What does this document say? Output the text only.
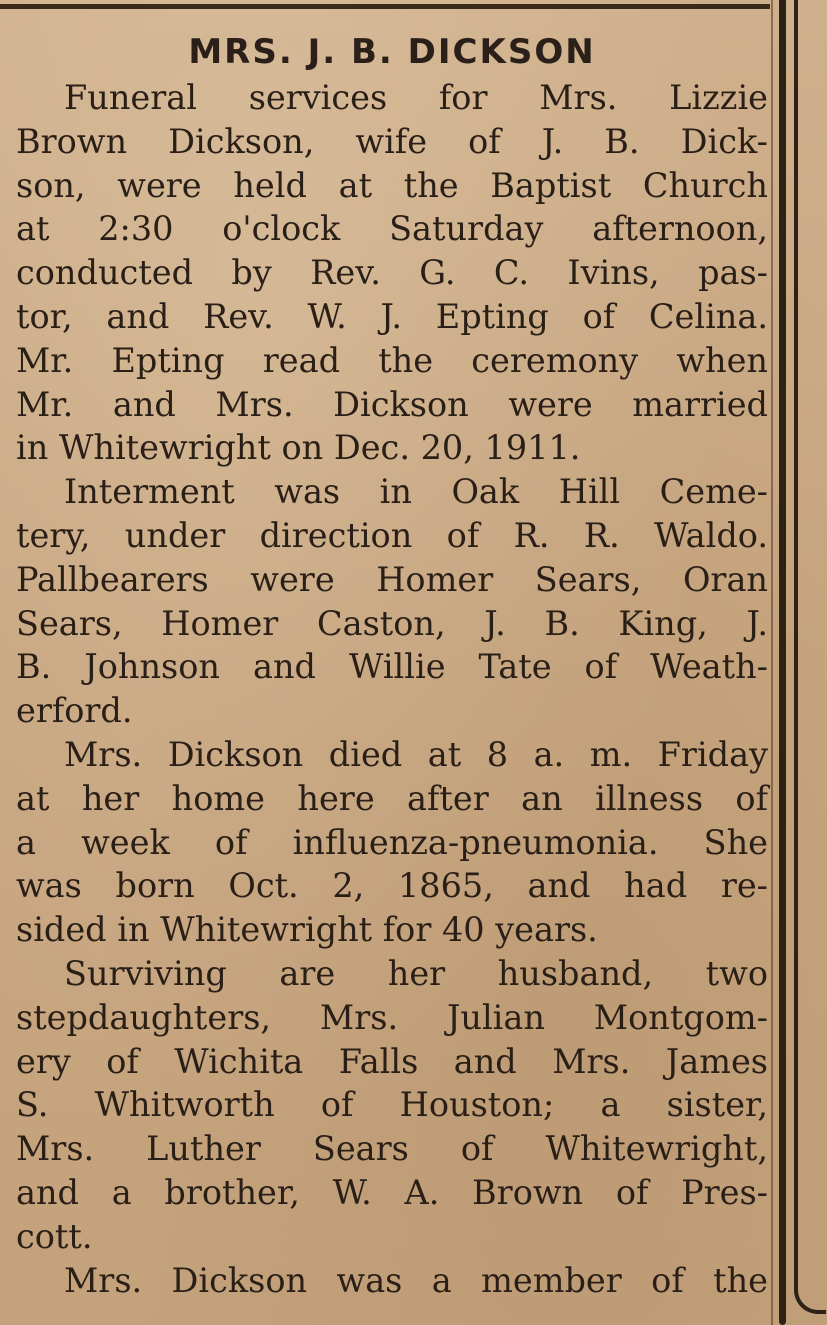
MRS. J. B. DICKSON
Funeral services for Mrs. Lizzie
Brown Dickson, wife of J. B. Dick-
son, were held at the Baptist Church
at 2:30 o'clock Saturday afternoon,
conducted by Rev. G. C. Ivins, pas-
tor, and Rev. W. J. Epting of Celina.
Mr. Epting read the ceremony when
Mr. and Mrs. Dickson were married
in Whitewright on Dec. 20, 1911.
Interment was in Oak Hill Ceme-
tery, under direction of R. R. Waldo.
Pallbearers were Homer Sears, Oran
Sears, Homer Caston, J. B. King, J.
B. Johnson and Willie Tate of Weath-
erford.
Mrs. Dickson died at 8 a. m. Friday
at her home here after an illness of
a week of influenza-pneumonia. She
was born Oct. 2, 1865, and had re-
sided in Whitewright for 40 years.
Surviving are her husband, two
stepdaughters, Mrs. Julian Montgom-
ery of Wichita Falls and Mrs. James
S. Whitworth of Houston; a sister,
Mrs. Luther Sears of Whitewright,
and a brother, W. A. Brown of Pres-
cott.
Mrs. Dickson was a member of the
